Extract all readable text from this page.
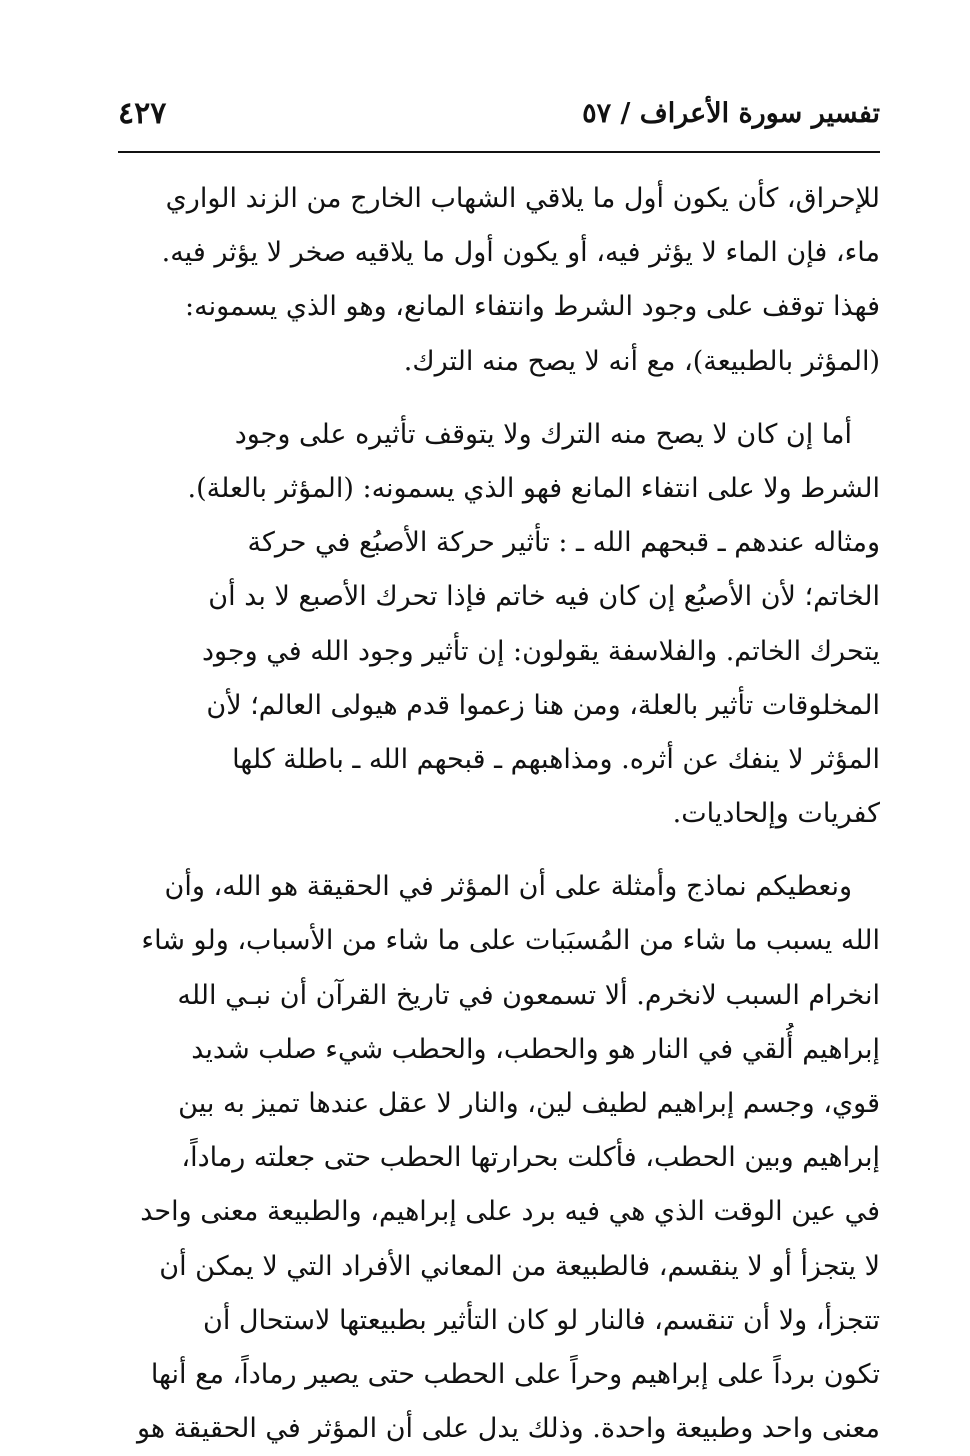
تفسير سورة الأعراف / ٥٧
٤٢٧
للإحراق، كأن يكون أول ما يلاقي الشهاب الخارج من الزند الواري
ماء، فإن الماء لا يؤثر فيه، أو يكون أول ما يلاقيه صخر لا يؤثر فيه.
فهذا توقف على وجود الشرط وانتفاء المانع، وهو الذي يسمونه:
(المؤثر بالطبيعة)، مع أنه لا يصح منه الترك.
أما إن كان لا يصح منه الترك ولا يتوقف تأثيره على وجود
الشرط ولا على انتفاء المانع فهو الذي يسمونه: (المؤثر بالعلة).
ومثاله عندهم ـ قبحهم الله ـ : تأثير حركة الأصبُع في حركة
الخاتم؛ لأن الأصبُع إن كان فيه خاتم فإذا تحرك الأصبع لا بد أن
يتحرك الخاتم. والفلاسفة يقولون: إن تأثير وجود الله في وجود
المخلوقات تأثير بالعلة، ومن هنا زعموا قدم هيولى العالم؛ لأن
المؤثر لا ينفك عن أثره. ومذاهبهم ـ قبحهم الله ـ باطلة كلها
كفريات وإلحاديات.
ونعطيكم نماذج وأمثلة على أن المؤثر في الحقيقة هو الله، وأن
الله يسبب ما شاء من المُسبَبات على ما شاء من الأسباب، ولو شاء
انخرام السبب لانخرم. ألا تسمعون في تاريخ القرآن أن نبـي الله
إبراهيم أُلقي في النار هو والحطب، والحطب شيء صلب شديد
قوي، وجسم إبراهيم لطيف لين، والنار لا عقل عندها تميز به بين
إبراهيم وبين الحطب، فأكلت بحرارتها الحطب حتى جعلته رماداً،
في عين الوقت الذي هي فيه برد على إبراهيم، والطبيعة معنى واحد
لا يتجزأ أو لا ينقسم، فالطبيعة من المعاني الأفراد التي لا يمكن أن
تتجزأ، ولا أن تنقسم، فالنار لو كان التأثير بطبيعتها لاستحال أن
تكون برداً على إبراهيم وحراً على الحطب حتى يصير رماداً، مع أنها
معنى واحد وطبيعة واحدة. وذلك يدل على أن المؤثر في الحقيقة هو
